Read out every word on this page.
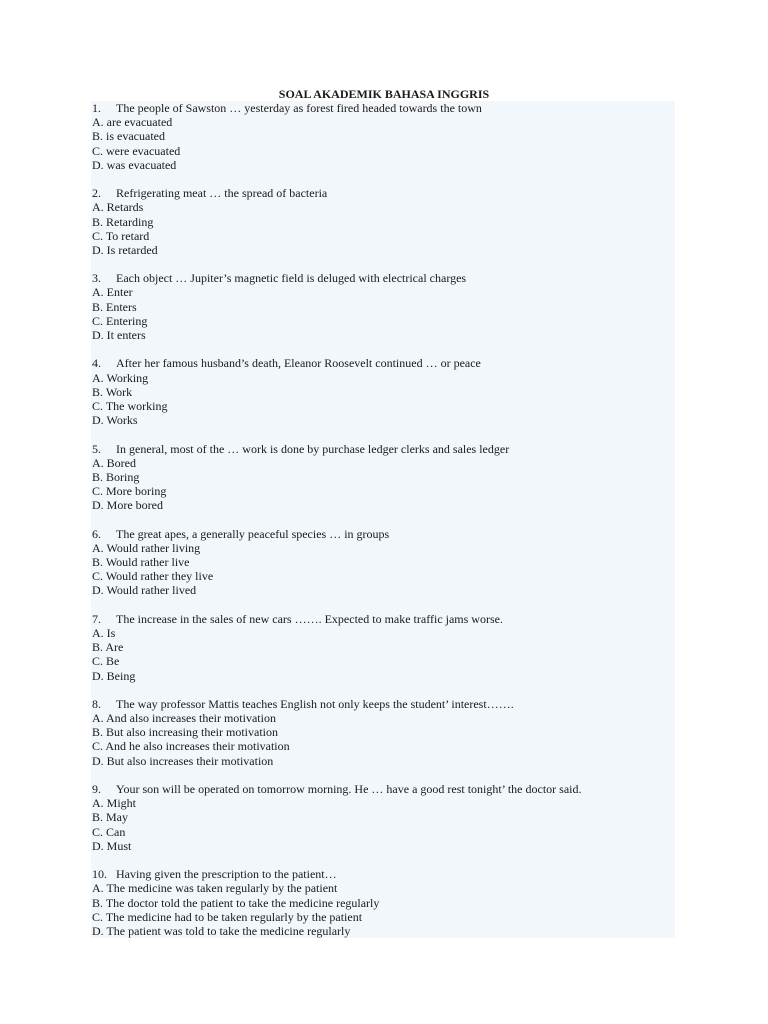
SOAL AKADEMIK BAHASA INGGRIS
1. The people of Sawston … yesterday as forest fired headed towards the town
A. are evacuated
B. is evacuated
C. were evacuated
D. was evacuated
2. Refrigerating meat … the spread of bacteria
A. Retards
B. Retarding
C. To retard
D. Is retarded
3. Each object … Jupiter’s magnetic field is deluged with electrical charges
A. Enter
B. Enters
C. Entering
D. It enters
4. After her famous husband’s death, Eleanor Roosevelt continued … or peace
A. Working
B. Work
C. The working
D. Works
5. In general, most of the … work is done by purchase ledger clerks and sales ledger
A. Bored
B. Boring
C. More boring
D. More bored
6. The great apes, a generally peaceful species … in groups
A. Would rather living
B. Would rather live
C. Would rather they live
D. Would rather lived
7. The increase in the sales of new cars ……. Expected to make traffic jams worse.
A. Is
B. Are
C. Be
D. Being
8. The way professor Mattis teaches English not only keeps the student’ interest…….
A. And also increases their motivation
B. But also increasing their motivation
C. And he also increases their motivation
D. But also increases their motivation
9. Your son will be operated on tomorrow morning. He … have a good rest tonight’ the doctor said.
A. Might
B. May
C. Can
D. Must
10. Having given the prescription to the patient…
A. The medicine was taken regularly by the patient
B. The doctor told the patient to take the medicine regularly
C. The medicine had to be taken regularly by the patient
D. The patient was told to take the medicine regularly
